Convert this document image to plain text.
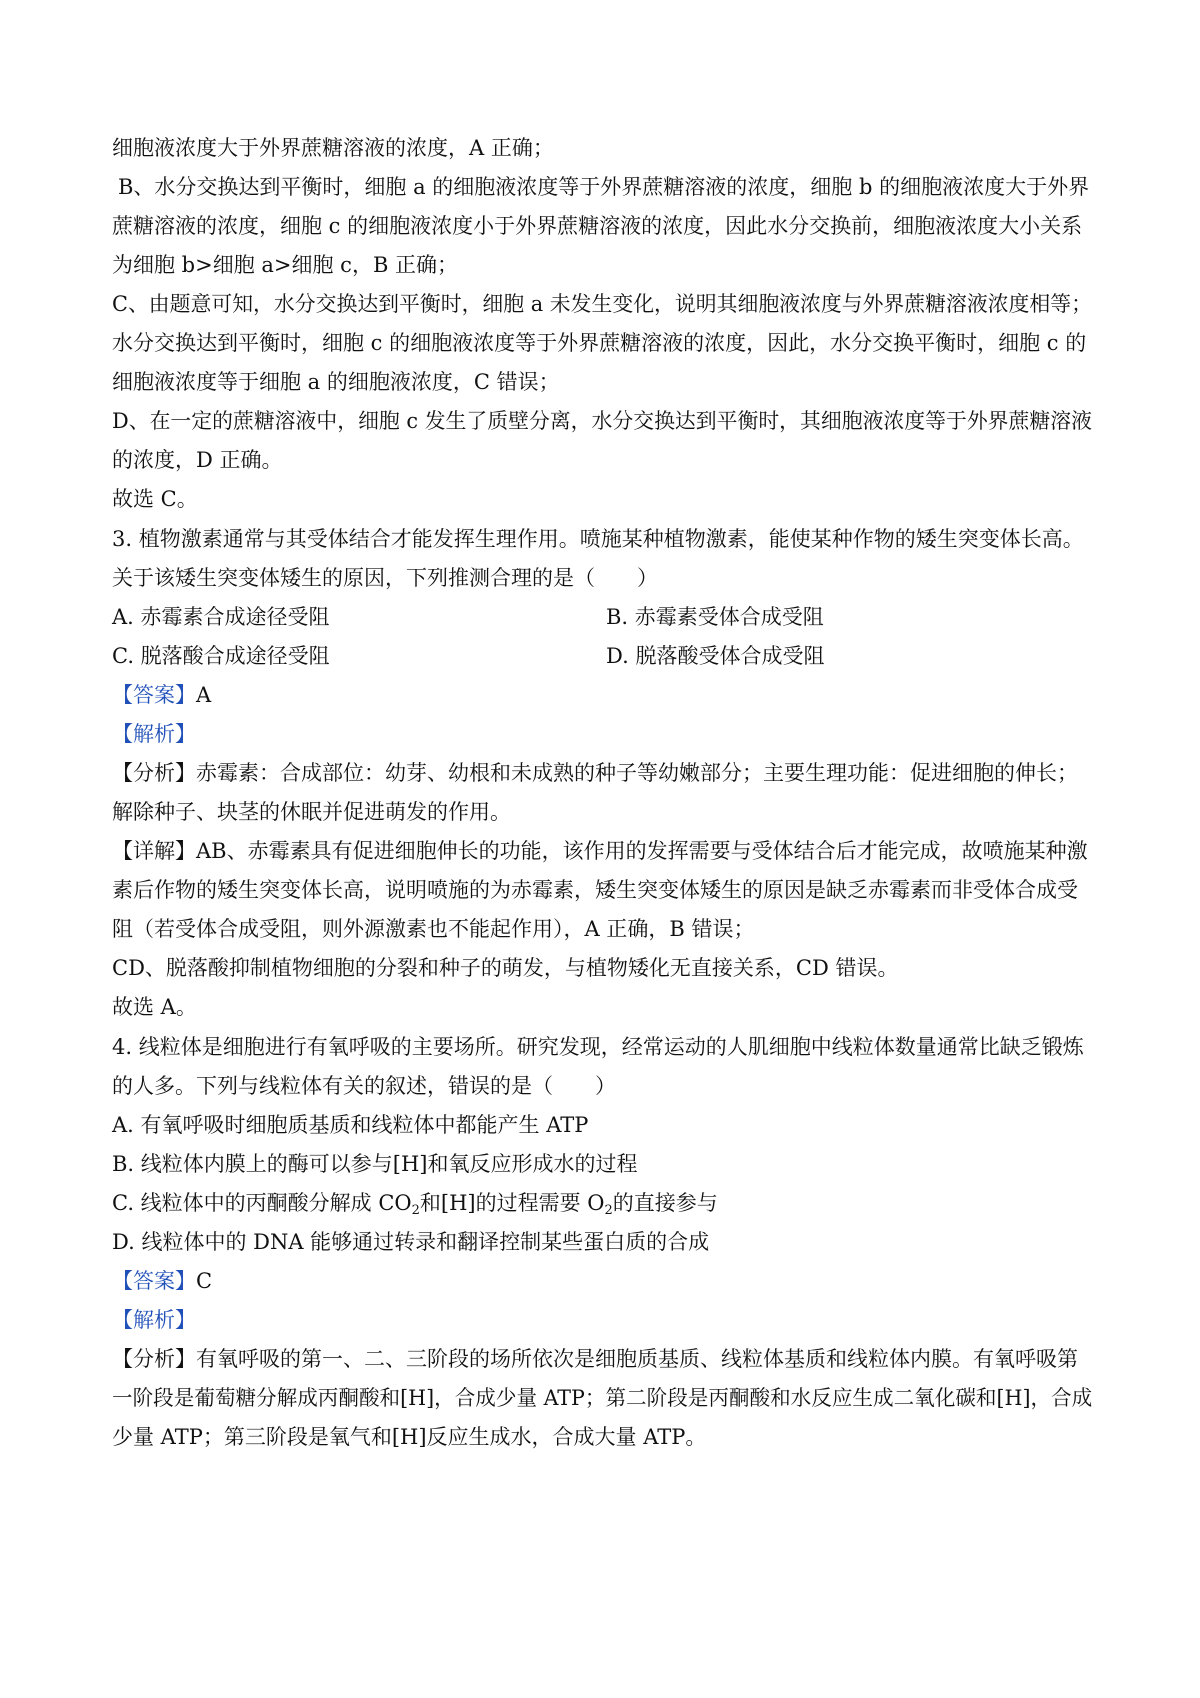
细胞液浓度大于外界蔗糖溶液的浓度，A 正确；
B、水分交换达到平衡时，细胞 a 的细胞液浓度等于外界蔗糖溶液的浓度，细胞 b 的细胞液浓度大于外界
蔗糖溶液的浓度，细胞 c 的细胞液浓度小于外界蔗糖溶液的浓度，因此水分交换前，细胞液浓度大小关系
为细胞 b>细胞 a>细胞 c，B 正确；
C、由题意可知，水分交换达到平衡时，细胞 a 未发生变化，说明其细胞液浓度与外界蔗糖溶液浓度相等；
水分交换达到平衡时，细胞 c 的细胞液浓度等于外界蔗糖溶液的浓度，因此，水分交换平衡时，细胞 c 的
细胞液浓度等于细胞 a 的细胞液浓度，C 错误；
D、在一定的蔗糖溶液中，细胞 c 发生了质壁分离，水分交换达到平衡时，其细胞液浓度等于外界蔗糖溶液
的浓度，D 正确。
故选 C。
3. 植物激素通常与其受体结合才能发挥生理作用。喷施某种植物激素，能使某种作物的矮生突变体长高。
关于该矮生突变体矮生的原因，下列推测合理的是（　　）
A. 赤霉素合成途径受阻	B. 赤霉素受体合成受阻
C. 脱落酸合成途径受阻	D. 脱落酸受体合成受阻
【答案】A
【解析】
【分析】赤霉素：合成部位：幼芽、幼根和未成熟的种子等幼嫩部分；主要生理功能：促进细胞的伸长；
解除种子、块茎的休眠并促进萌发的作用。
【详解】AB、赤霉素具有促进细胞伸长的功能，该作用的发挥需要与受体结合后才能完成，故喷施某种激
素后作物的矮生突变体长高，说明喷施的为赤霉素，矮生突变体矮生的原因是缺乏赤霉素而非受体合成受
阻（若受体合成受阻，则外源激素也不能起作用），A 正确，B 错误；
CD、脱落酸抑制植物细胞的分裂和种子的萌发，与植物矮化无直接关系，CD 错误。
故选 A。
4. 线粒体是细胞进行有氧呼吸的主要场所。研究发现，经常运动的人肌细胞中线粒体数量通常比缺乏锻炼
的人多。下列与线粒体有关的叙述，错误的是（　　）
A. 有氧呼吸时细胞质基质和线粒体中都能产生 ATP
B. 线粒体内膜上的酶可以参与[H]和氧反应形成水的过程
C. 线粒体中的丙酮酸分解成 $CO_2$和[H]的过程需要 $O_2$的直接参与
D. 线粒体中的 DNA 能够通过转录和翻译控制某些蛋白质的合成
【答案】C
【解析】
【分析】有氧呼吸的第一、二、三阶段的场所依次是细胞质基质、线粒体基质和线粒体内膜。有氧呼吸第
一阶段是葡萄糖分解成丙酮酸和[H]，合成少量 ATP；第二阶段是丙酮酸和水反应生成二氧化碳和[H]，合成
少量 ATP；第三阶段是氧气和[H]反应生成水，合成大量 ATP。
